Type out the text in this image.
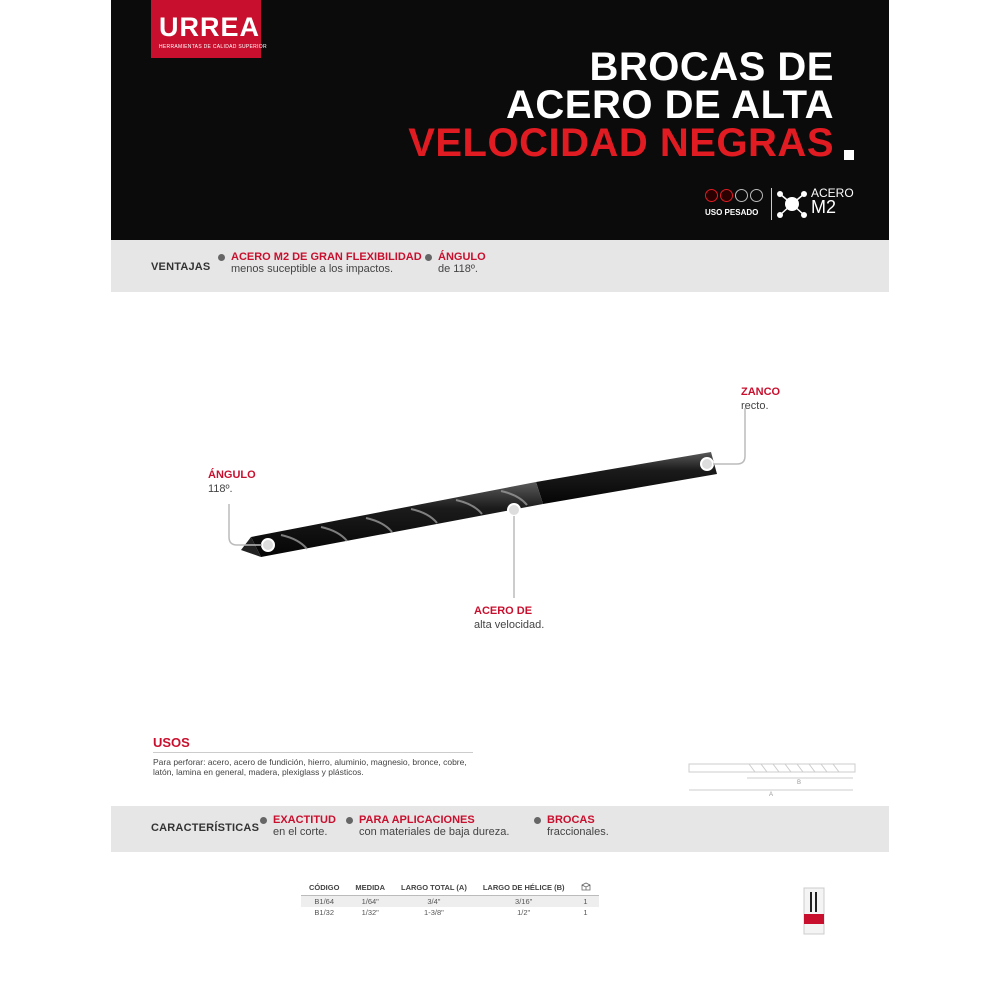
URREA
HERRAMIENTAS DE CALIDAD SUPERIOR	BROCAS DE
ACERO DE ALTA
VELOCIDAD NEGRAS
USO PESADO
ACERO
M2
VENTAJAS
ACERO M2 DE GRAN FLEXIBILIDAD
menos suceptible a los impactos.
ÁNGULO
de 118º.
ZANCO
recto.
ÁNGULO
118º.
ACERO DE
alta velocidad.
USOS
Para perforar: acero, acero de fundición, hierro, aluminio, magnesio, bronce, cobre, latón, lamina en general, madera, plexiglass y plásticos.
B
A
CARACTERÍSTICAS
EXACTITUD
en el corte.
PARA APLICACIONES
con materiales de baja dureza.
BROCAS
fraccionales.
CÓDIGO	MEDIDA	LARGO TOTAL (A)	LARGO DE HÉLICE (B)	
B1/64	1/64"	3/4"	3/16"	1
B1/32	1/32"	1-3/8"	1/2"	1
